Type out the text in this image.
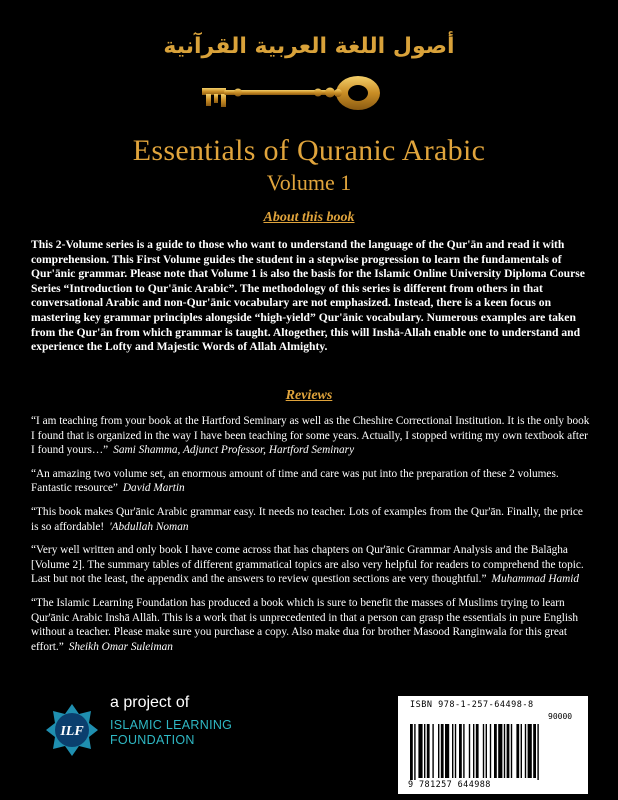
أصول اللغة العربية القرآنية
Essentials of Quranic Arabic
Volume 1
About this book
This 2-Volume series is a guide to those who want to understand the language of the Qur'ān and read it with comprehension. This First Volume guides the student in a stepwise progression to learn the fundamentals of Qur'ānic grammar. Please note that Volume 1 is also the basis for the Islamic Online University Diploma Course Series “Introduction to Qur'ānic Arabic”. The methodology of this series is different from others in that conversational Arabic and non-Qur'ānic vocabulary are not emphasized. Instead, there is a keen focus on mastering key grammar principles alongside “high-yield” Qur'ānic vocabulary. Numerous examples are taken from the Qur'ān from which grammar is taught. Altogether, this will Inshā-Allah enable one to understand and experience the Lofty and Majestic Words of Allah Almighty.
Reviews

“I am teaching from your book at the Hartford Seminary as well as the Cheshire Correctional Institution. It is the only book I found that is organized in the way I have been teaching for some years. Actually, I stopped writing my own textbook after I found yours…” Sami Shamma, Adjunct Professor, Hartford Seminary

“An amazing two volume set, an enormous amount of time and care was put into the preparation of these 2 volumes. Fantastic resource” David Martin

“This book makes Qur'ānic Arabic grammar easy. It needs no teacher. Lots of examples from the Qur'ān. Finally, the price is so affordable! 'Abdullah Noman

“Very well written and only book I have come across that has chapters on Qur'ānic Grammar Analysis and the Balāgha [Volume 2]. The summary tables of different grammatical topics are also very helpful for readers to comprehend the topic. Last but not the least, the appendix and the answers to review question sections are very thoughtful.” Muhammad Hamid

“The Islamic Learning Foundation has produced a book which is sure to benefit the masses of Muslims trying to learn Qur'ānic Arabic Inshā Allāh. This is a work that is unprecedented in that a person can grasp the essentials in pure English without a teacher. Please make sure you purchase a copy. Also make dua for brother Masood Ranginwala for this great effort.” Sheikh Omar Suleiman

ILF
a project of
ISLAMIC LEARNING
FOUNDATION
ISBN 978-1-257-64498-8
90000
9 781257 644988
